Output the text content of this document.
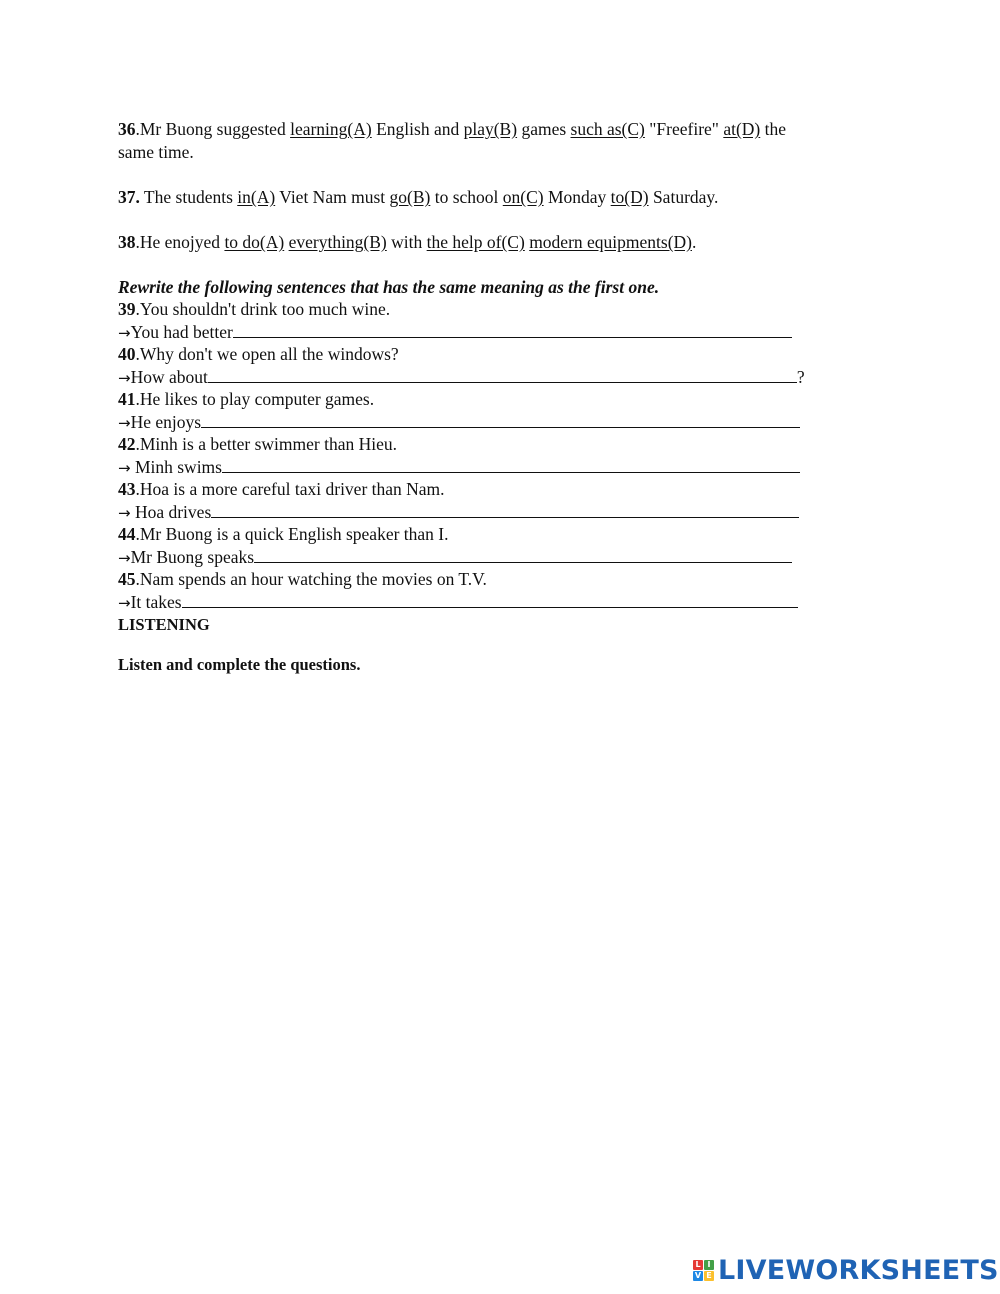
36.Mr Buong suggested learning(A) English and play(B) games such as(C) "Freefire" at(D) the
same time.
37. The students in(A) Viet Nam must go(B) to school on(C) Monday to(D) Saturday.
38.He enojyed to do(A) everything(B) with the help of(C) modern equipments(D).
Rewrite the following sentences that has the same meaning as the first one.
39.You shouldn't drink too much wine.
→You had better
40.Why don't we open all the windows?
→How about	?
41.He likes to play computer games.
→He enjoys
42.Minh is a better swimmer than Hieu.
→ Minh swims
43.Hoa is a more careful taxi driver than Nam.
→ Hoa drives
44.Mr Buong is a quick English speaker than I.
→Mr Buong speaks
45.Nam spends an hour watching the movies on T.V.
→It takes
LISTENING
Listen and complete the questions.
L I
V E LIVEWORKSHEETS
